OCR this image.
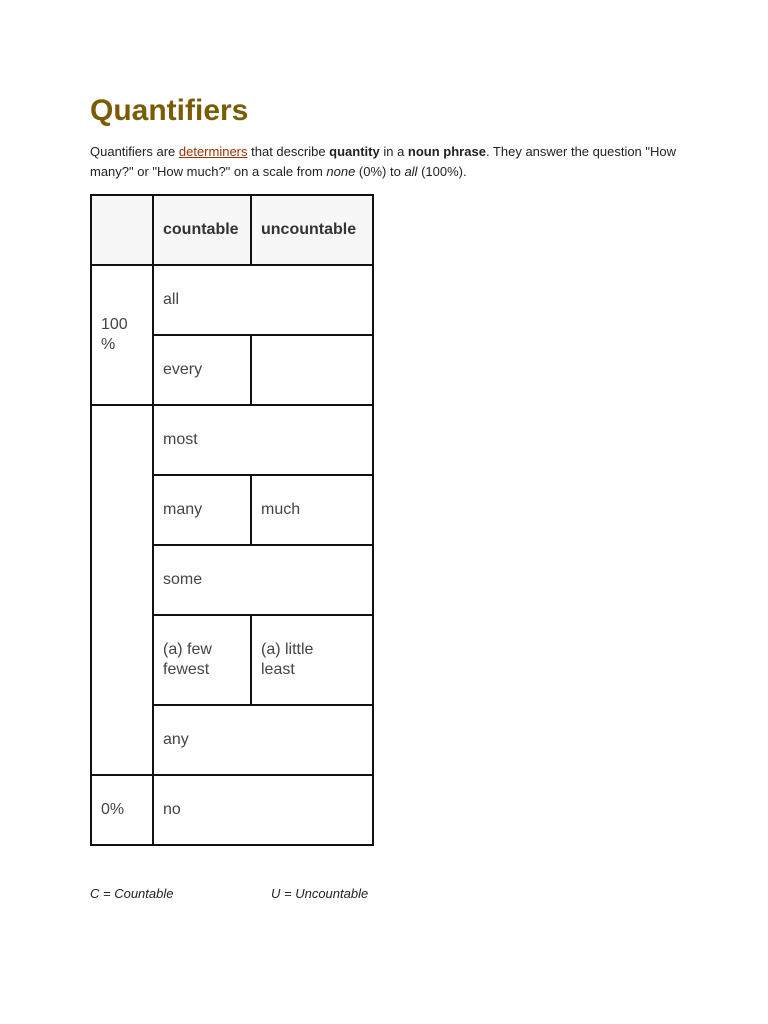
Quantifiers

Quantifiers are determiners that describe quantity in a noun phrase. They answer the question "How many?" or "How much?" on a scale from none (0%) to all (100%).

	countable	uncountable

100 %	all	
	every	
	most	
	many	much
	some	

	(a) few fewest	(a) little least

	any	
0%	no	
C = Countable	U = Uncountable
